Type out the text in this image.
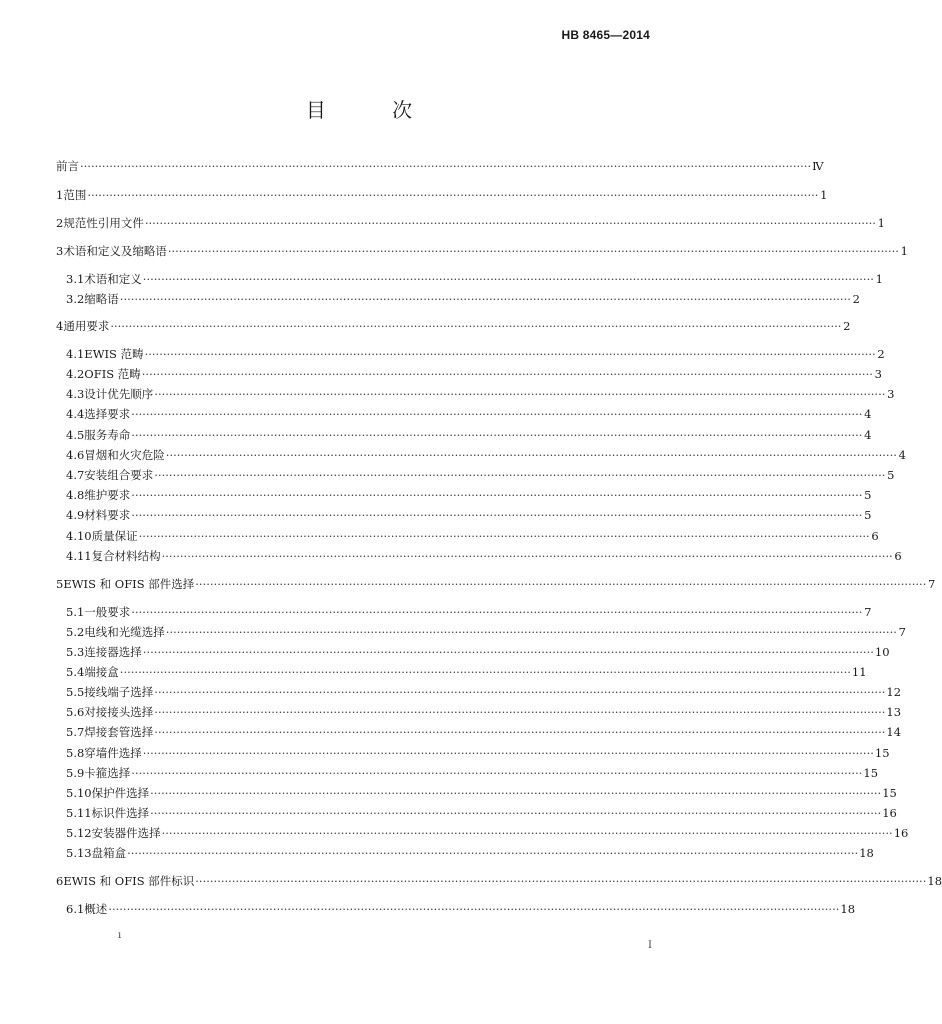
HB 8465—2014
目 次
前言 ········································································································································································································ Ⅳ
1 范围 ········································································································································································································ 1
2 规范性引用文件 ········································································································································································································ 1
3 术语和定义及缩略语 ········································································································································································································ 1
3.1 术语和定义 ········································································································································································································ 1
3.2 缩略语 ········································································································································································································ 2
4 通用要求 ········································································································································································································ 2
4.1 EWIS 范畴 ········································································································································································································ 2
4.2 OFIS 范畴 ········································································································································································································ 3
4.3 设计优先顺序 ········································································································································································································ 3
4.4 选择要求 ········································································································································································································ 4
4.5 服务寿命 ········································································································································································································ 4
4.6 冒烟和火灾危险 ········································································································································································································ 4
4.7 安装组合要求 ········································································································································································································ 5
4.8 维护要求 ········································································································································································································ 5
4.9 材料要求 ········································································································································································································ 5
4.10 质量保证 ········································································································································································································ 6
4.11 复合材料结构 ········································································································································································································ 6
5 EWIS 和 OFIS 部件选择 ········································································································································································································ 7
5.1 一般要求 ········································································································································································································ 7
5.2 电线和光缆选择 ········································································································································································································ 7
5.3 连接器选择 ········································································································································································································ 10
5.4 端接盒 ········································································································································································································ 11
5.5 接线端子选择 ········································································································································································································ 12
5.6 对接接头选择 ········································································································································································································ 13
5.7 焊接套管选择 ········································································································································································································ 14
5.8 穿墙件选择 ········································································································································································································ 15
5.9 卡箍选择 ········································································································································································································ 15
5.10 保护件选择 ········································································································································································································ 15
5.11 标识件选择 ········································································································································································································ 16
5.12 安装器件选择 ········································································································································································································ 16
5.13 盘箱盒 ········································································································································································································ 18
6 EWIS 和 OFIS 部件标识 ········································································································································································································ 18
6.1 概述 ········································································································································································································ 18
ı
I
